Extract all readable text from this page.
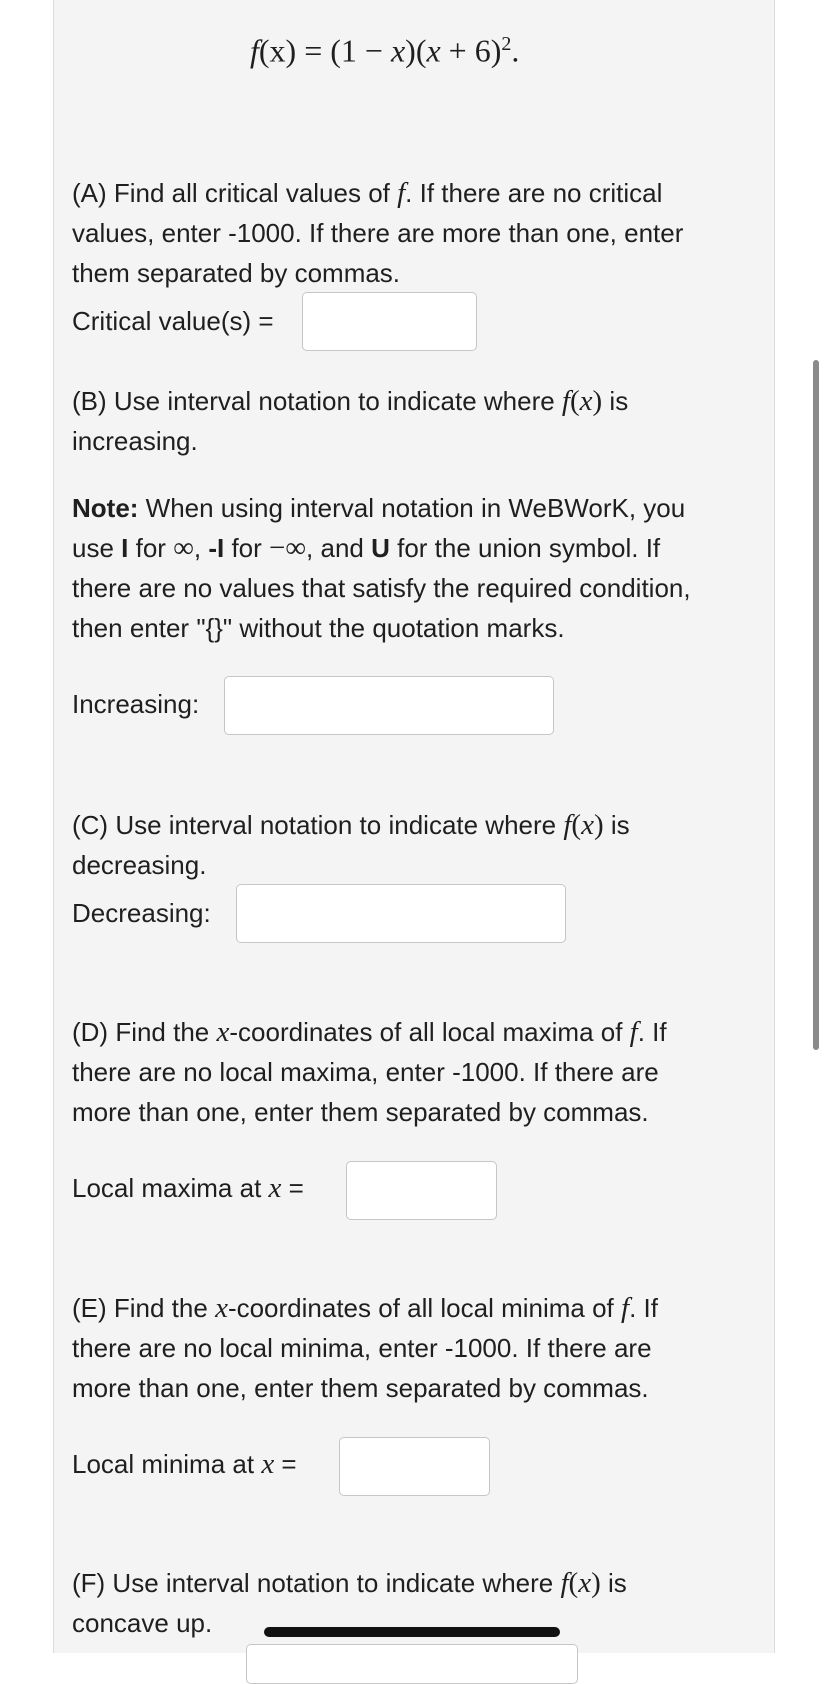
$f(x) = (1 - x)(x + 6)^2$.
(A) Find all critical values of f. If there are no critical
values, enter -1000. If there are more than one, enter
them separated by commas.
Critical value(s) =
(B) Use interval notation to indicate where f(x) is
increasing.
Note: When using interval notation in WeBWorK, you
use I for ∞, -I for −∞, and U for the union symbol. If
there are no values that satisfy the required condition,
then enter "{}" without the quotation marks.
Increasing:
(C) Use interval notation to indicate where f(x) is
decreasing.
Decreasing:
(D) Find the x-coordinates of all local maxima of f. If
there are no local maxima, enter -1000. If there are
more than one, enter them separated by commas.
Local maxima at x =
(E) Find the x-coordinates of all local minima of f. If
there are no local minima, enter -1000. If there are
more than one, enter them separated by commas.
Local minima at x =
(F) Use interval notation to indicate where f(x) is
concave up.
